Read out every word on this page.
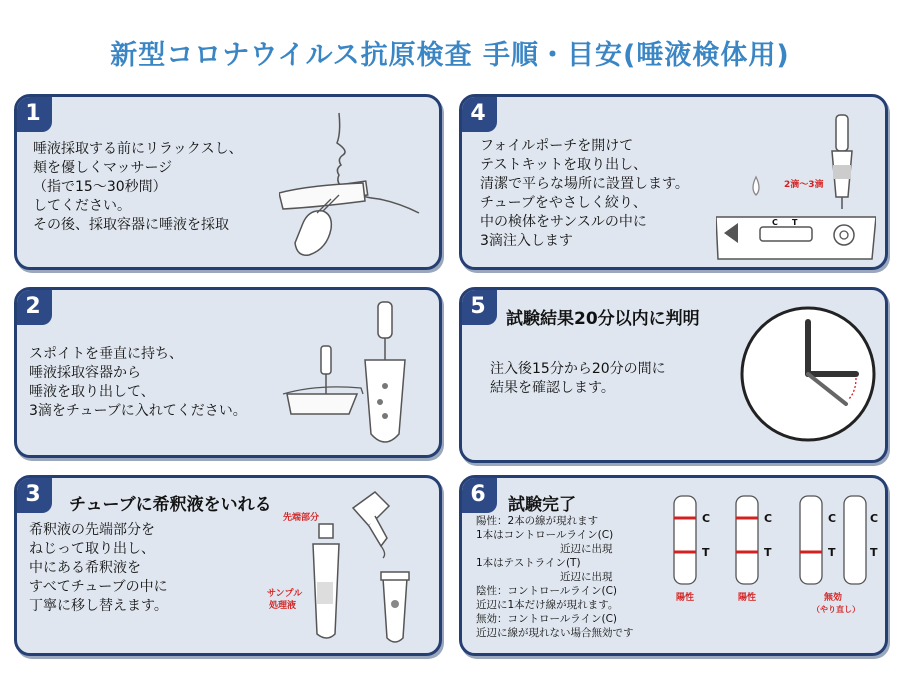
新型コロナウイルス抗原検査 手順・目安(唾液検体用)
1
唾液採取する前にリラックスし、
頬を優しくマッサージ
（指で15～30秒間）
してください。
その後、採取容器に唾液を採取
2
スポイトを垂直に持ち、
唾液採取容器から
唾液を取り出して、
3滴をチューブに入れてください。
3	チューブに希釈液をいれる
希釈液の先端部分を
ねじって取り出し、
中にある希釈液を
すべてチューブの中に
丁寧に移し替えます。
先端部分
サンプル
処理液
4
フォイルポーチを開けて
テストキットを取り出し、
清潔で平らな場所に設置します。
チューブをやさしく絞り、
中の検体をサンスルの中に
3滴注入します
2滴～3滴
C T
5
試験結果20分以内に判明
注入後15分から20分の間に
結果を確認します。
6	試験完了
陽性：2本の線が現れます
1本はコントロールライン(C)
　　　　　　　　近辺に出現
1本はテストライン(T)
　　　　　　　　近辺に出現
陰性：コントロールライン(C)
近辺に1本だけ線が現れます。
無効：コントロールライン(C)
近辺に線が現れない場合無効です
C
T
陽性
C
T
陽性
C
T
C
T
無効
（やり直し）
